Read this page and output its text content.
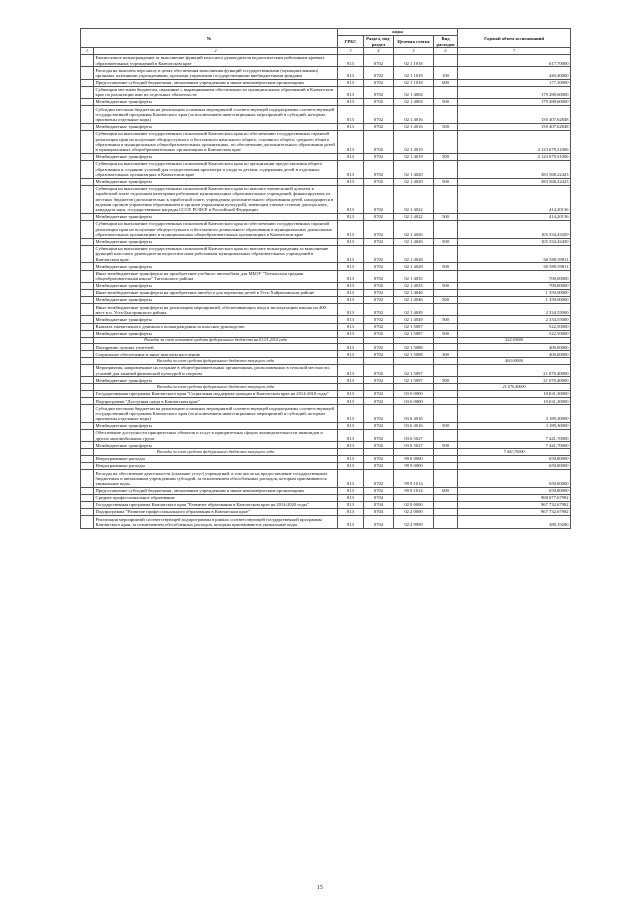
№		коды				Годовой объем ассигнований
		ГРБС	Раздел, под-раздел	Целевая статья	Вид расходов	
1	2	3	4	5	6	7
	Ежемесячное вознаграждение за выполнение функций классного руководителя педагогическим работникам краевых образовательных учреждений в Камчатском крае	813	0702	02 1 1018		617,70000
	Расходы на выплаты персоналу в целях обеспечения выполнения функций государственными (муниципальными) органами, казенными учреждениями, органами управления государственными внебюджетными фондами	813	0702	02 1 1018	100	440,40000
	Предоставление субсидий бюджетным, автономным учреждениям и иным некоммерческим организациям	813	0702	02 1 1018	600	177,30000
	Субвенции местным бюджетам, связанные с выравниванием обеспеченности муниципальных образований в Камчатском крае по реализации ими их отдельных обязательств	813	0702	02 1 4004		179 288,60000
	Межбюджетные трансферты	813	0702	02 1 4004	500	179 288,60000
	Субсидии местным бюджетам на реализацию основных мероприятий соответствующей подпрограммы соответствующей государственной программы Камчатского края (за исключением инвестиционных мероприятий и субсидий, которым присвоены отдельные коды)	813	0702	02 1 4016		150 407,62848
	Межбюджетные трансферты	813	0702	02 1 4016	500	150 407,62848
	Субвенции на выполнение государственных полномочий Камчатского края по обеспечению государственных гарантий реализации прав на получение общедоступного и бесплатного начального общего, основного общего, среднего общего образования в муниципальных общеобразовательных организациях, по обеспечению дополнительного образования детей в муниципальных общеобразовательных организациях в Камчатском крае	813	0702	02 1 4019		4 123 679,31006
	Межбюджетные трансферты	813	0702	02 1 4019	500	4 123 679,31006
	Субвенции на выполнение государственных полномочий Камчатского края по организации предоставления общего образования и созданию условий для осуществления присмотра и ухода за детьми, содержания детей в отдельных образовательных организациях в Камчатском крае	813	0702	02 1 4020		383 568,22423
	Межбюджетные трансферты	813	0702	02 1 4020	500	383 568,22423
	Субвенции на выполнение государственных полномочий Камчатского края по выплате ежемесячной доплаты к заработной плате отдельным категориям работников муниципальных образовательных учреждений, финансируемых из местных бюджетов (дополнительно к заработной плате, учреждения дополнительного образования детей, находящиеся в ведении органов управления образованием и органов управления культурой), имеющим ученые степени доктора наук, кандидата наук, государственные награды СССР, РСФСР и Российской Федерации	813	0702	02 1 4022		414,20136
	Межбюджетные трансферты	813	0702	02 1 4022	500	414,20136
	Субвенции на выполнение государственных полномочий Камчатского края по обеспечению государственных гарантий реализации прав на получение общедоступного и бесплатного дошкольного образования в муниципальных дошкольных образовательных организациях и муниципальных общеобразовательных организациях в Камчатском крае	813	0702	02 1 4026		105 334,43450
	Межбюджетные трансферты	813	0702	02 1 4026	500	105 334,43450
	Субвенции на выполнение государственных полномочий Камчатского края по выплате вознаграждения за выполнение функций классного руководителя педагогическим работникам муниципальных образовательных учреждений в Камчатском крае	813	0702	02 1 4028		60 580,59811
	Межбюджетные трансферты	813	0702	02 1 4028	500	60 580,59811
	Иные межбюджетные трансферты на приобретение учебного автомобиля для МБОУ "Тигильская средняя общеобразовательная школа" Тигильского района	813	0702	02 1 4035		700,00000
	Межбюджетные трансферты	813	0702	02 1 4035	500	700,00000
	Иные межбюджетные трансферты на приобретение автобуса для перевозки детей в Усть-Хайрюзовском районе	813	0702	02 1 4046		1 350,00000
	Межбюджетные трансферты	813	0702	02 1 4046	500	1 350,00000
	Иные межбюджетные трансферты на реализацию мероприятий, обеспечивающих вход в эксплуатацию школы на 400 мест в п. Усть-Быстринского района	813	0702	02 1 4049		2 334,55000
	Межбюджетные трансферты	813	0702	02 1 4049	500	2 334,55000
	Выплата ежемесячного денежного вознаграждения за классное руководство	813	0702	02 1 5087		522,50000
	Межбюджетные трансферты	813	0702	02 1 5087	500	522,50000
	Расходы за счет остатков средств федерального бюджета на 01.01.2014 года					522,50000
	Поощрение лучших учителей	813	0702	02 1 5088		400,00000
	Социальное обеспечение и иные выплаты населению	813	0702	02 1 5088	300	400,00000
	Расходы за счет средств федерального бюджета текущего года					400,00000
	Мероприятия, направленные на создание в общеобразовательных организациях, расположенных в сельской местности, условий для занятий физической культурой и спортом	813	0702	02 1 5097		21 070,40000
	Межбюджетные трансферты	813	0702	02 1 5097	500	21 070,40000
	Расходы за счет средств федерального бюджета текущего года					21 070,40000
	Государственная программа Камчатского края "Социальная поддержка граждан в Камчатском крае на 2014-2018 годы"	813	0702	03 0 0000		10 631,30000
	Подпрограмма "Доступная среда в Камчатском крае"	813	0702	03 6 0000		10 631,30000
	Субсидии местным бюджетам на реализацию основных мероприятий соответствующей подпрограммы соответствующей государственной программы Камчатского края (за исключением инвестиционных мероприятий и субсидий, которым присвоены отдельные коды)	813	0702	03 6 4016		3 189,30000
	Межбюджетные трансферты	813	0702	03 6 4016	500	3 189,30000
	Обеспечение доступности приоритетных объектов и услуг в приоритетных сферах жизнедеятельности инвалидов и других маломобильных групп	813	0702	03 6 5027		7 441,70000
	Межбюджетные трансферты	813	0702	03 6 5027	500	7 441,70000
	Расходы за счет средств федерального бюджета текущего года					7 441,70000
	Непрограммные расходы	813	0702	99 0 0000		650,00000
	Непрограммные расходы	813	0702	99 9 0000		650,00000
	Расходы на обеспечение деятельности (оказание услуг) учреждений, в том числе на предоставление государственным бюджетным и автономным учреждениям субсидий, за исключением обособленных расходов, которым присваиваются уникальные коды	813	0702	99 9 1014		650,00000
	Предоставление субсидий бюджетным, автономным учреждениям и иным некоммерческим организациям	813	0702	99 9 1014	600	650,00000
	Среднее профессиональное образование	813	0704			968 077,67982
	Государственная программа Камчатского края "Развитие образования в Камчатском крае на 2014-2020 годы"	813	0704	02 0 0000		967 732,67982
	Подпрограмма "Развитие профессионального образования в Камчатском крае"	813	0704	02 2 0000		967 732,67982
	Реализация мероприятий соответствующей подпрограммы в рамках соответствующей государственной программы Камчатского края, за исключением обособленных расходов, которым присваиваются уникальные коды	813	0704	02 2 9999		380,19200
15
